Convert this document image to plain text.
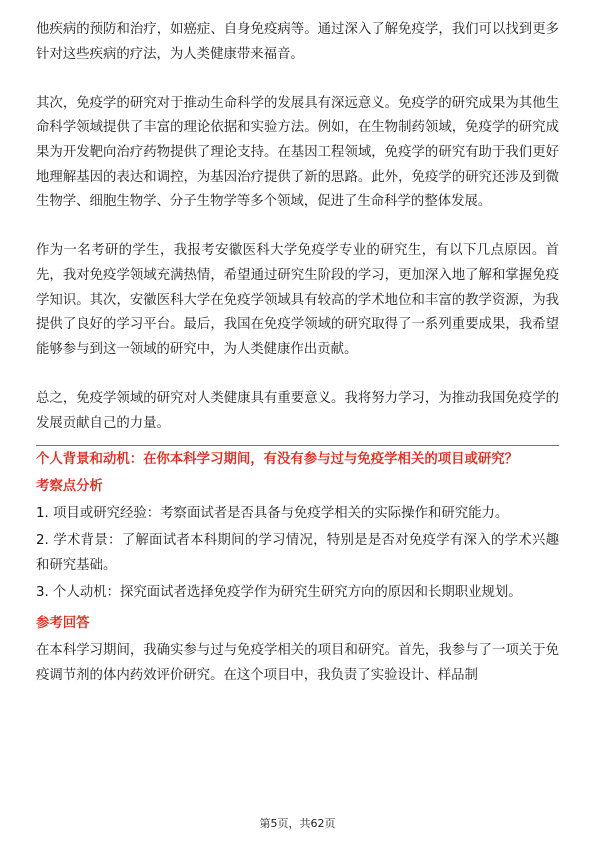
他疾病的预防和治疗，如癌症、自身免疫病等。通过深入了解免疫学，我们可以找到更多针对这些疾病的疗法，为人类健康带来福音。

其次，免疫学的研究对于推动生命科学的发展具有深远意义。免疫学的研究成果为其他生命科学领域提供了丰富的理论依据和实验方法。例如，在生物制药领域，免疫学的研究成果为开发靶向治疗药物提供了理论支持。在基因工程领域，免疫学的研究有助于我们更好地理解基因的表达和调控，为基因治疗提供了新的思路。此外，免疫学的研究还涉及到微生物学、细胞生物学、分子生物学等多个领域，促进了生命科学的整体发展。

作为一名考研的学生，我报考安徽医科大学免疫学专业的研究生，有以下几点原因。首先，我对免疫学领域充满热情，希望通过研究生阶段的学习，更加深入地了解和掌握免疫学知识。其次，安徽医科大学在免疫学领域具有较高的学术地位和丰富的教学资源，为我提供了良好的学习平台。最后，我国在免疫学领域的研究取得了一系列重要成果，我希望能够参与到这一领域的研究中，为人类健康作出贡献。

总之，免疫学领域的研究对人类健康具有重要意义。我将努力学习，为推动我国免疫学的发展贡献自己的力量。

个人背景和动机：在你本科学习期间，有没有参与过与免疫学相关的项目或研究？

考察点分析

1. 项目或研究经验：考察面试者是否具备与免疫学相关的实际操作和研究能力。

2. 学术背景：了解面试者本科期间的学习情况，特别是是否对免疫学有深入的学术兴趣和研究基础。

3. 个人动机：探究面试者选择免疫学作为研究生研究方向的原因和长期职业规划。

参考回答

在本科学习期间，我确实参与过与免疫学相关的项目和研究。首先，我参与了一项关于免疫调节剂的体内药效评价研究。在这个项目中，我负责了实验设计、样品制

第5页，共62页
